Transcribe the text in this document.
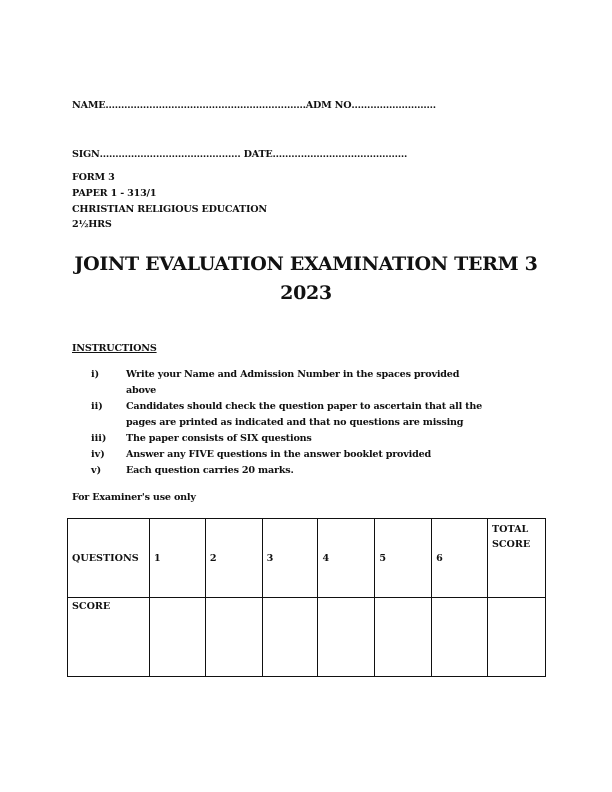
NAME……………………………………………………….ADM NO………………………
SIGN……………………………………… DATE…………………………………….
FORM 3
PAPER 1 - 313/1
CHRISTIAN RELIGIOUS EDUCATION
2½HRS
JOINT EVALUATION EXAMINATION TERM 3
2023
INSTRUCTIONS
i)	Write your Name and Admission Number in the spaces provided
above
ii) Candidates should check the question paper to ascertain that all the
pages are printed as indicated and that no questions are missing
iii) The paper consists of SIX questions
iv) Answer any FIVE questions in the answer booklet provided
v)	Each question carries 20 marks.
For Examiner's use only
QUESTIONS	1	2	3	4	5	6	TOTAL SCORE
SCORE							
